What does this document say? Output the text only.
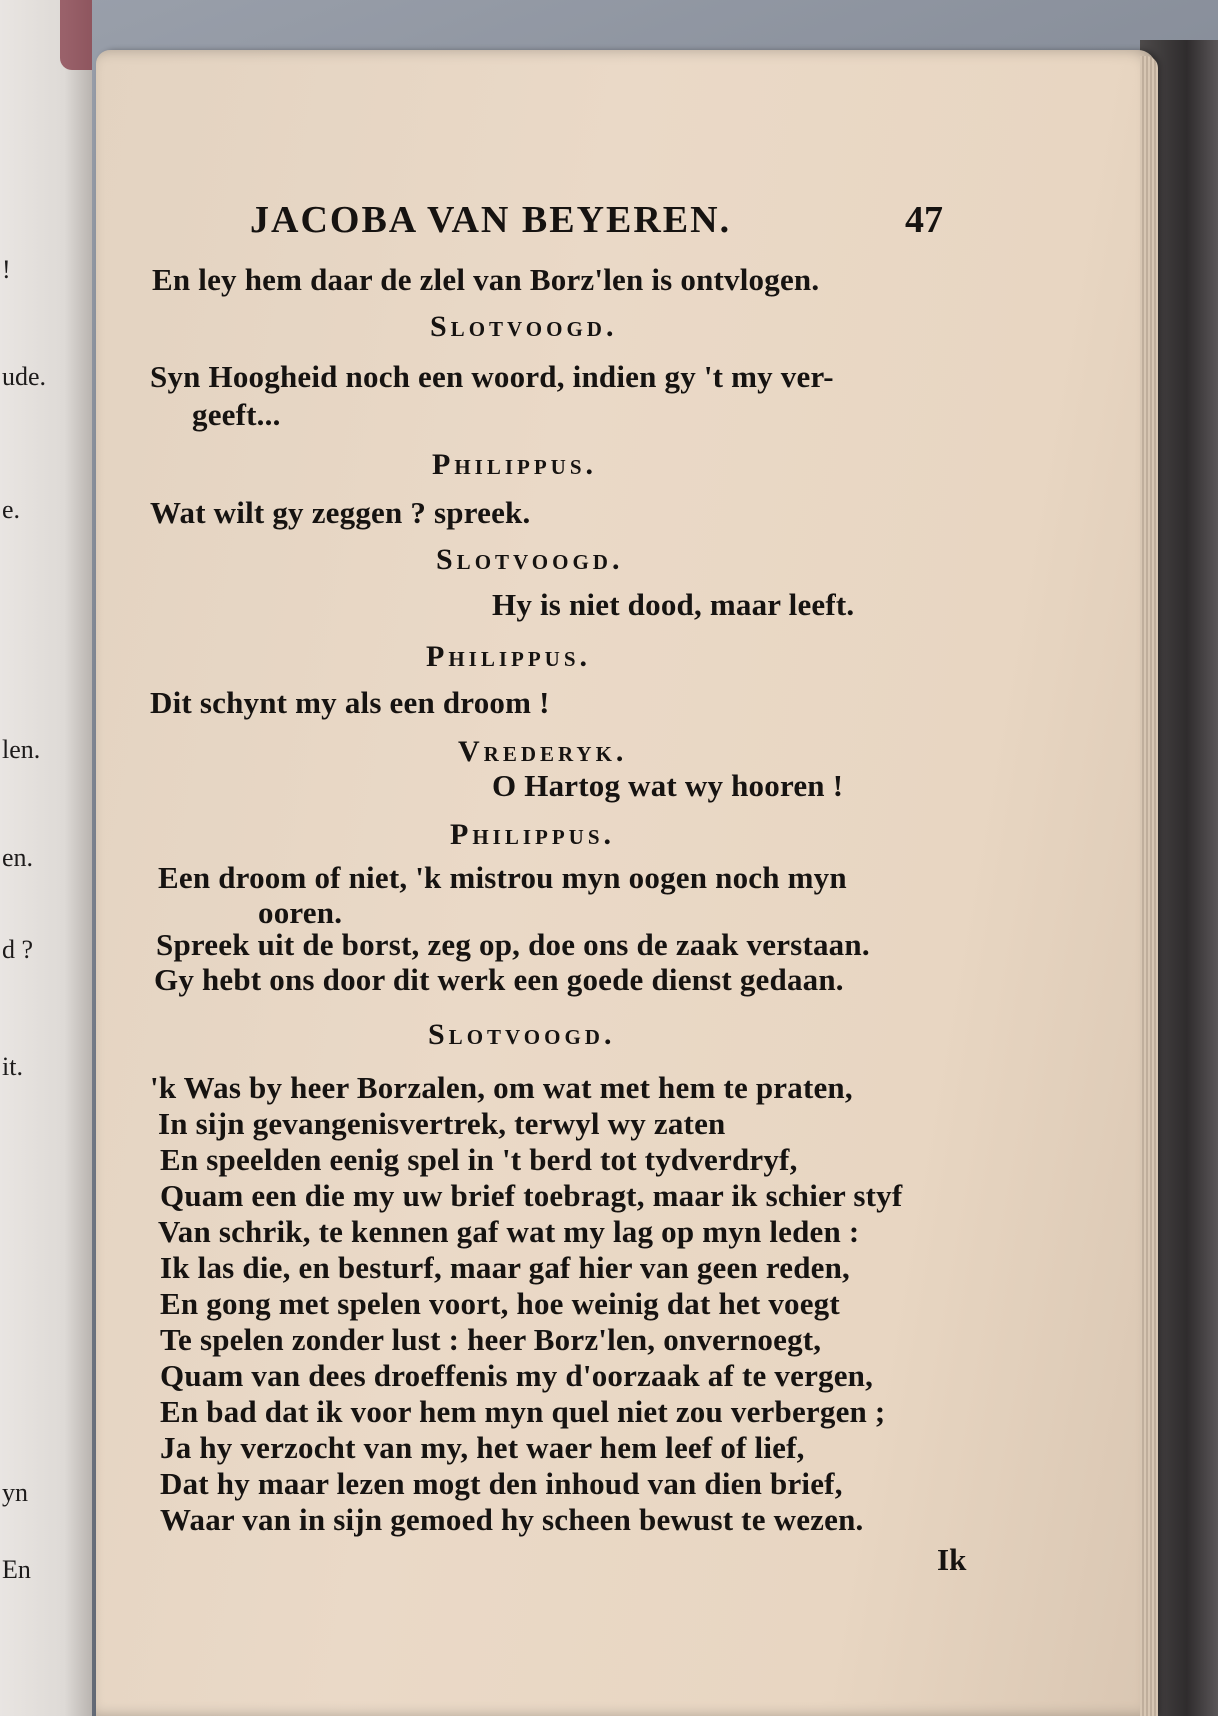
!
ude.
e.
len.
en.
d ?
it.
yn
En
JACOBA VAN BEYEREN.	47
En ley hem daar de zlel van Borz'len is ontvlogen.
Slotvoogd.
Syn Hoogheid noch een woord, indien gy 't my ver-
geeft...
Philippus.
Wat wilt gy zeggen ? spreek.
Slotvoogd.
Hy is niet dood, maar leeft.
Philippus.
Dit schynt my als een droom !
Vrederyk.
O Hartog wat wy hooren !
Philippus.
Een droom of niet, 'k mistrou myn oogen noch myn
ooren.
Spreek uit de borst, zeg op, doe ons de zaak verstaan.
Gy hebt ons door dit werk een goede dienst gedaan.
Slotvoogd.
'k Was by heer Borzalen, om wat met hem te praten,
In sijn gevangenisvertrek, terwyl wy zaten
En speelden eenig spel in 't berd tot tydverdryf,
Quam een die my uw brief toebragt, maar ik schier styf
Van schrik, te kennen gaf wat my lag op myn leden :
Ik las die, en besturf, maar gaf hier van geen reden,
En gong met spelen voort, hoe weinig dat het voegt
Te spelen zonder lust : heer Borz'len, onvernoegt,
Quam van dees droeffenis my d'oorzaak af te vergen,
En bad dat ik voor hem myn quel niet zou verbergen ;
Ja hy verzocht van my, het waer hem leef of lief,
Dat hy maar lezen mogt den inhoud van dien brief,
Waar van in sijn gemoed hy scheen bewust te wezen.
Ik
